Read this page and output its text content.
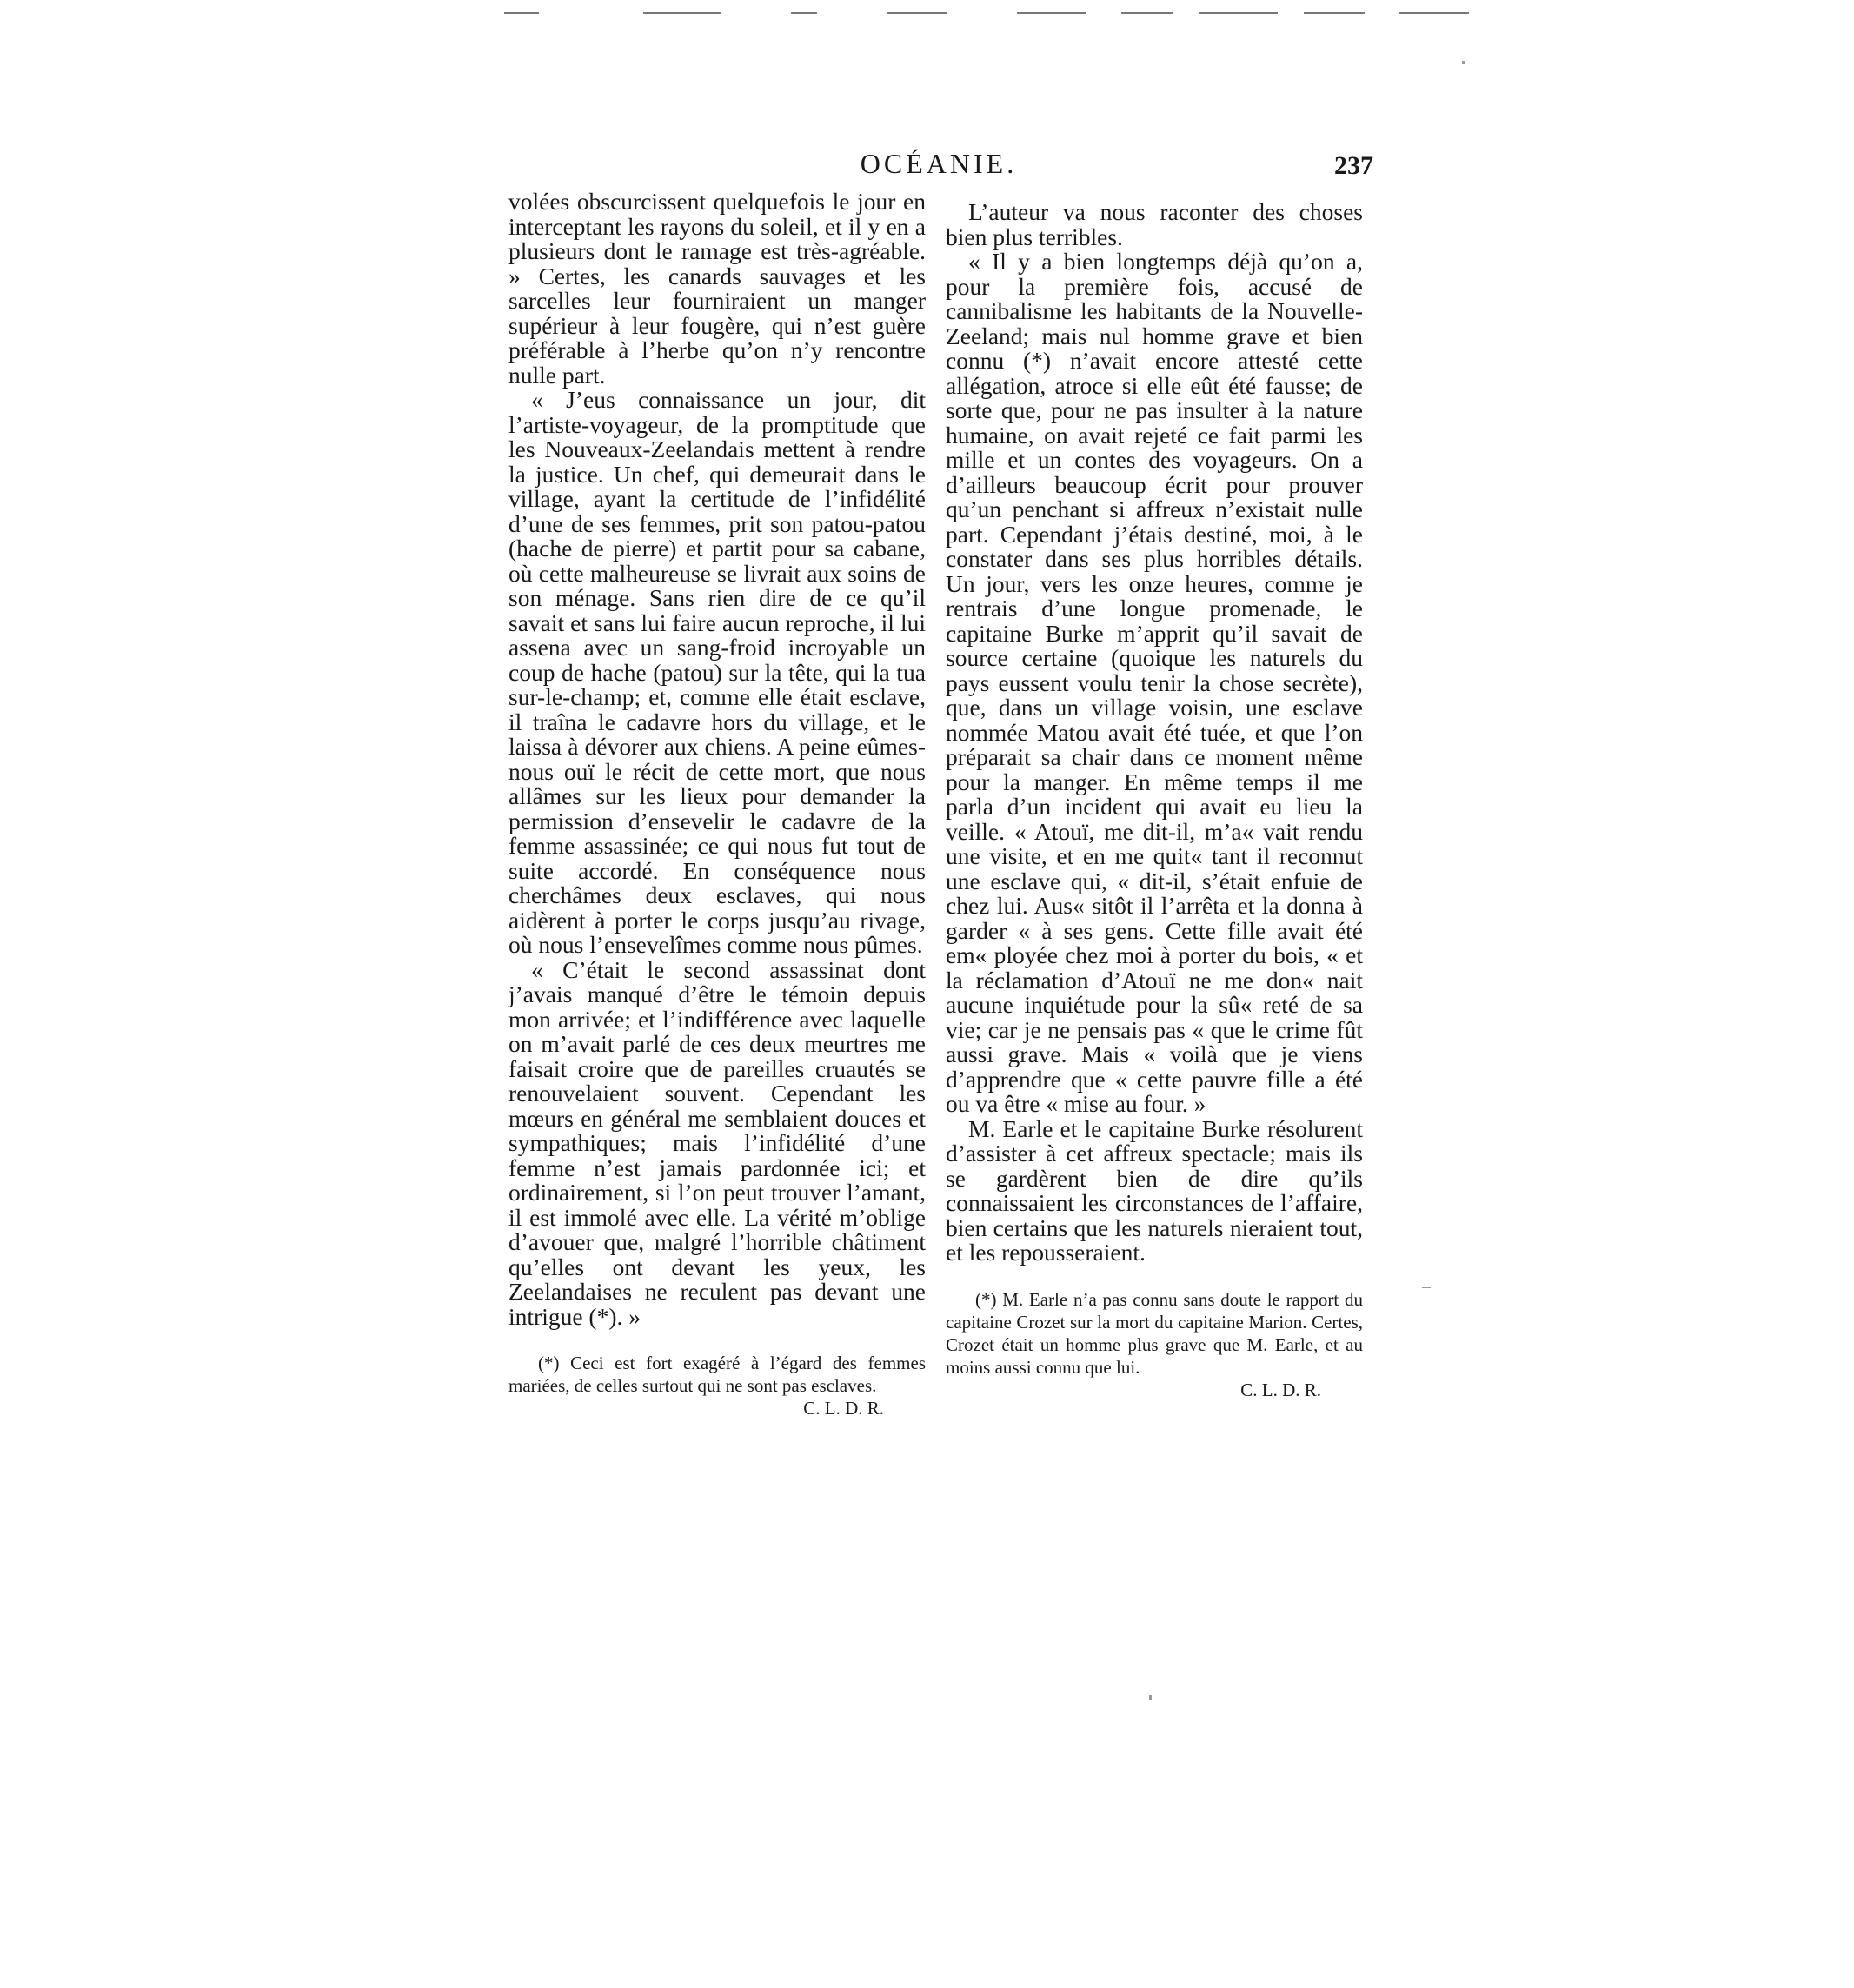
OCÉANIE.	237

volées obscurcissent quelquefois le jour en interceptant les rayons du soleil, et il y en a plusieurs dont le ramage est très-agréable. » Certes, les canards sauvages et les sarcelles leur fourniraient un manger supérieur à leur fougère, qui n’est guère préférable à l’herbe qu’on n’y rencontre nulle part.

« J’eus connaissance un jour, dit l’artiste-voyageur, de la promptitude que les Nouveaux-Zeelandais mettent à rendre la justice. Un chef, qui demeurait dans le village, ayant la certitude de l’infidélité d’une de ses femmes, prit son patou-patou (hache de pierre) et partit pour sa cabane, où cette malheureuse se livrait aux soins de son ménage. Sans rien dire de ce qu’il savait et sans lui faire aucun reproche, il lui assena avec un sang-froid incroyable un coup de hache (patou) sur la tête, qui la tua sur-le-champ; et, comme elle était esclave, il traîna le cadavre hors du village, et le laissa à dévorer aux chiens. A peine eûmes-nous ouï le récit de cette mort, que nous allâmes sur les lieux pour demander la permission d’ensevelir le cadavre de la femme assassinée; ce qui nous fut tout de suite accordé. En conséquence nous cherchâmes deux esclaves, qui nous aidèrent à porter le corps jusqu’au rivage, où nous l’ensevelîmes comme nous pûmes.

« C’était le second assassinat dont j’avais manqué d’être le témoin depuis mon arrivée; et l’indifférence avec laquelle on m’avait parlé de ces deux meurtres me faisait croire que de pareilles cruautés se renouvelaient souvent. Cependant les mœurs en général me semblaient douces et sympathiques; mais l’infidélité d’une femme n’est jamais pardonnée ici; et ordinairement, si l’on peut trouver l’amant, il est immolé avec elle. La vérité m’oblige d’avouer que, malgré l’horrible châtiment qu’elles ont devant les yeux, les Zeelandaises ne reculent pas devant une intrigue (*). »

(*) Ceci est fort exagéré à l’égard des femmes mariées, de celles surtout qui ne sont pas esclaves.
C. L. D. R.

L’auteur va nous raconter des choses bien plus terribles.

« Il y a bien longtemps déjà qu’on a, pour la première fois, accusé de cannibalisme les habitants de la Nouvelle-Zeeland; mais nul homme grave et bien connu (*) n’avait encore attesté cette allégation, atroce si elle eût été fausse; de sorte que, pour ne pas insulter à la nature humaine, on avait rejeté ce fait parmi les mille et un contes des voyageurs. On a d’ailleurs beaucoup écrit pour prouver qu’un penchant si affreux n’existait nulle part. Cependant j’étais destiné, moi, à le constater dans ses plus horribles détails. Un jour, vers les onze heures, comme je rentrais d’une longue promenade, le capitaine Burke m’apprit qu’il savait de source certaine (quoique les naturels du pays eussent voulu tenir la chose secrète), que, dans un village voisin, une esclave nommée Matou avait été tuée, et que l’on préparait sa chair dans ce moment même pour la manger. En même temps il me parla d’un incident qui avait eu lieu la veille. « Atouï, me dit-il, m’a« vait rendu une visite, et en me quit« tant il reconnut une esclave qui, « dit-il, s’était enfuie de chez lui. Aus« sitôt il l’arrêta et la donna à garder « à ses gens. Cette fille avait été em« ployée chez moi à porter du bois, « et la réclamation d’Atouï ne me don« nait aucune inquiétude pour la sû« reté de sa vie; car je ne pensais pas « que le crime fût aussi grave. Mais « voilà que je viens d’apprendre que « cette pauvre fille a été ou va être « mise au four. »

M. Earle et le capitaine Burke résolurent d’assister à cet affreux spectacle; mais ils se gardèrent bien de dire qu’ils connaissaient les circonstances de l’affaire, bien certains que les naturels nieraient tout, et les repousseraient.

(*) M. Earle n’a pas connu sans doute le rapport du capitaine Crozet sur la mort du capitaine Marion. Certes, Crozet était un homme plus grave que M. Earle, et au moins aussi connu que lui.
C. L. D. R.
